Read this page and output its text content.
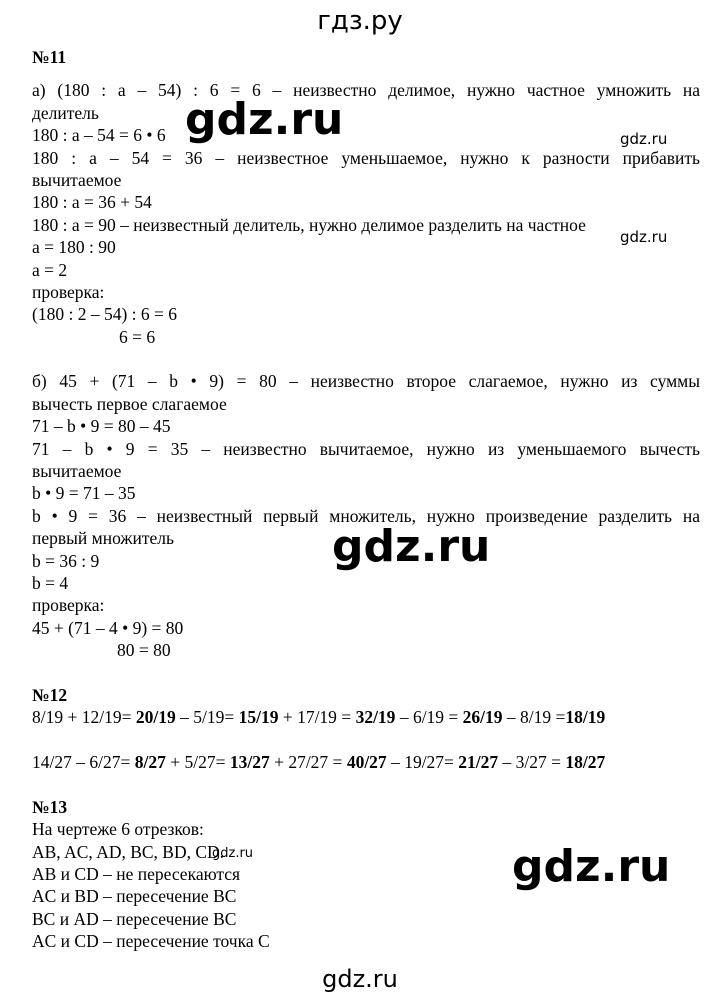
гдз.ру
№11
а) (180 : a – 54) : 6 = 6 – неизвестно делимое, нужно частное умножить на
делитель
180 : a – 54 = 6 • 6
180 : a – 54 = 36 – неизвестное уменьшаемое, нужно к разности прибавить
вычитаемое
180 : a = 36 + 54
180 : a = 90 – неизвестный делитель, нужно делимое разделить на частное
a = 180 : 90
a = 2
проверка:
(180 : 2 – 54) : 6 = 6
6 = 6
б) 45 + (71 – b • 9) = 80 – неизвестно второе слагаемое, нужно из суммы
вычесть первое слагаемое
71 – b • 9 = 80 – 45
71 – b • 9 = 35 – неизвестно вычитаемое, нужно из уменьшаемого вычесть
вычитаемое
b • 9 = 71 – 35
b • 9 = 36 – неизвестный первый множитель, нужно произведение разделить на
первый множитель
b = 36 : 9
b = 4
проверка:
45 + (71 – 4 • 9) = 80
80 = 80
№12
8/19 + 12/19= 20/19 – 5/19= 15/19 + 17/19 = 32/19 – 6/19 = 26/19 – 8/19 =18/19
14/27 – 6/27= 8/27 + 5/27= 13/27 + 27/27 = 40/27 – 19/27= 21/27 – 3/27 = 18/27
№13
На чертеже 6 отрезков:
AB, AC, AD, BC, BD, CD.
AB и CD – не пересекаются
AC и BD – пересечение BC
BC и AD – пересечение BC
AC и CD – пересечение точка С
gdz.ru	gdz.ru
gdz.ru
gdz.ru
gdz.ru
gdz.ru
gdz.ru
